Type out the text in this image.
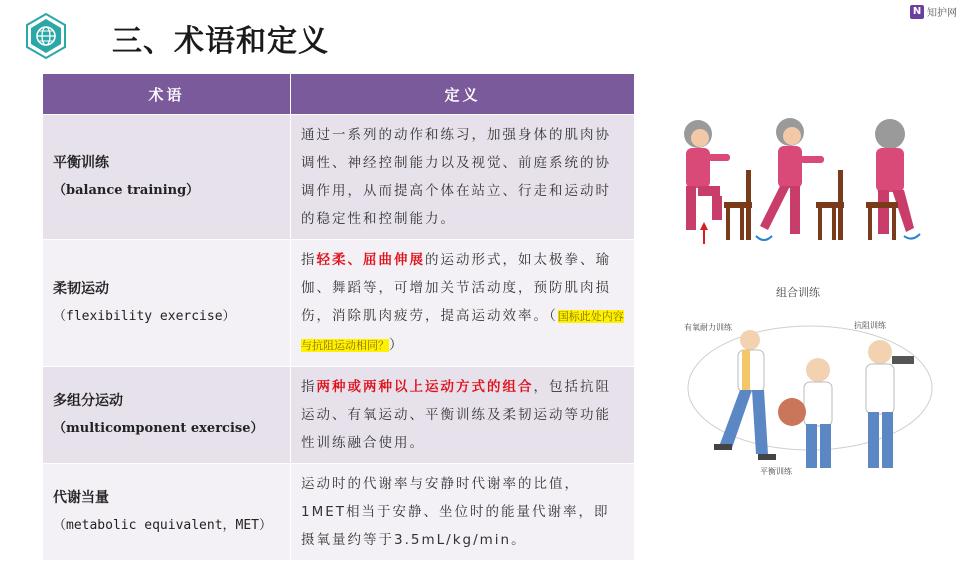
三、术语和定义
N 知护网
术语	定义

平衡训练
（balance training）	通过一系列的动作和练习，加强身体的肌肉协调性、神经控制能力以及视觉、前庭系统的协调作用，从而提高个体在站立、行走和运动时的稳定性和控制能力。

柔韧运动
（flexibility exercise）	指轻柔、屈曲伸展的运动形式，如太极拳、瑜伽、舞蹈等，可增加关节活动度，预防肌肉损伤，消除肌肉疲劳，提高运动效率。（国标此处内容与抗阻运动相同？）

多组分运动
（multicomponent exercise）	指两种或两种以上运动方式的组合，包括抗阻运动、有氧运动、平衡训练及柔韧运动等功能性训练融合使用。

代谢当量
（metabolic equivalent，MET）	运动时的代谢率与安静时代谢率的比值，1MET相当于安静、坐位时的能量代谢率，即摄氧量约等于3.5mL/kg/min。
组合训练
有氧耐力训练	抗阻训练
平衡训练
